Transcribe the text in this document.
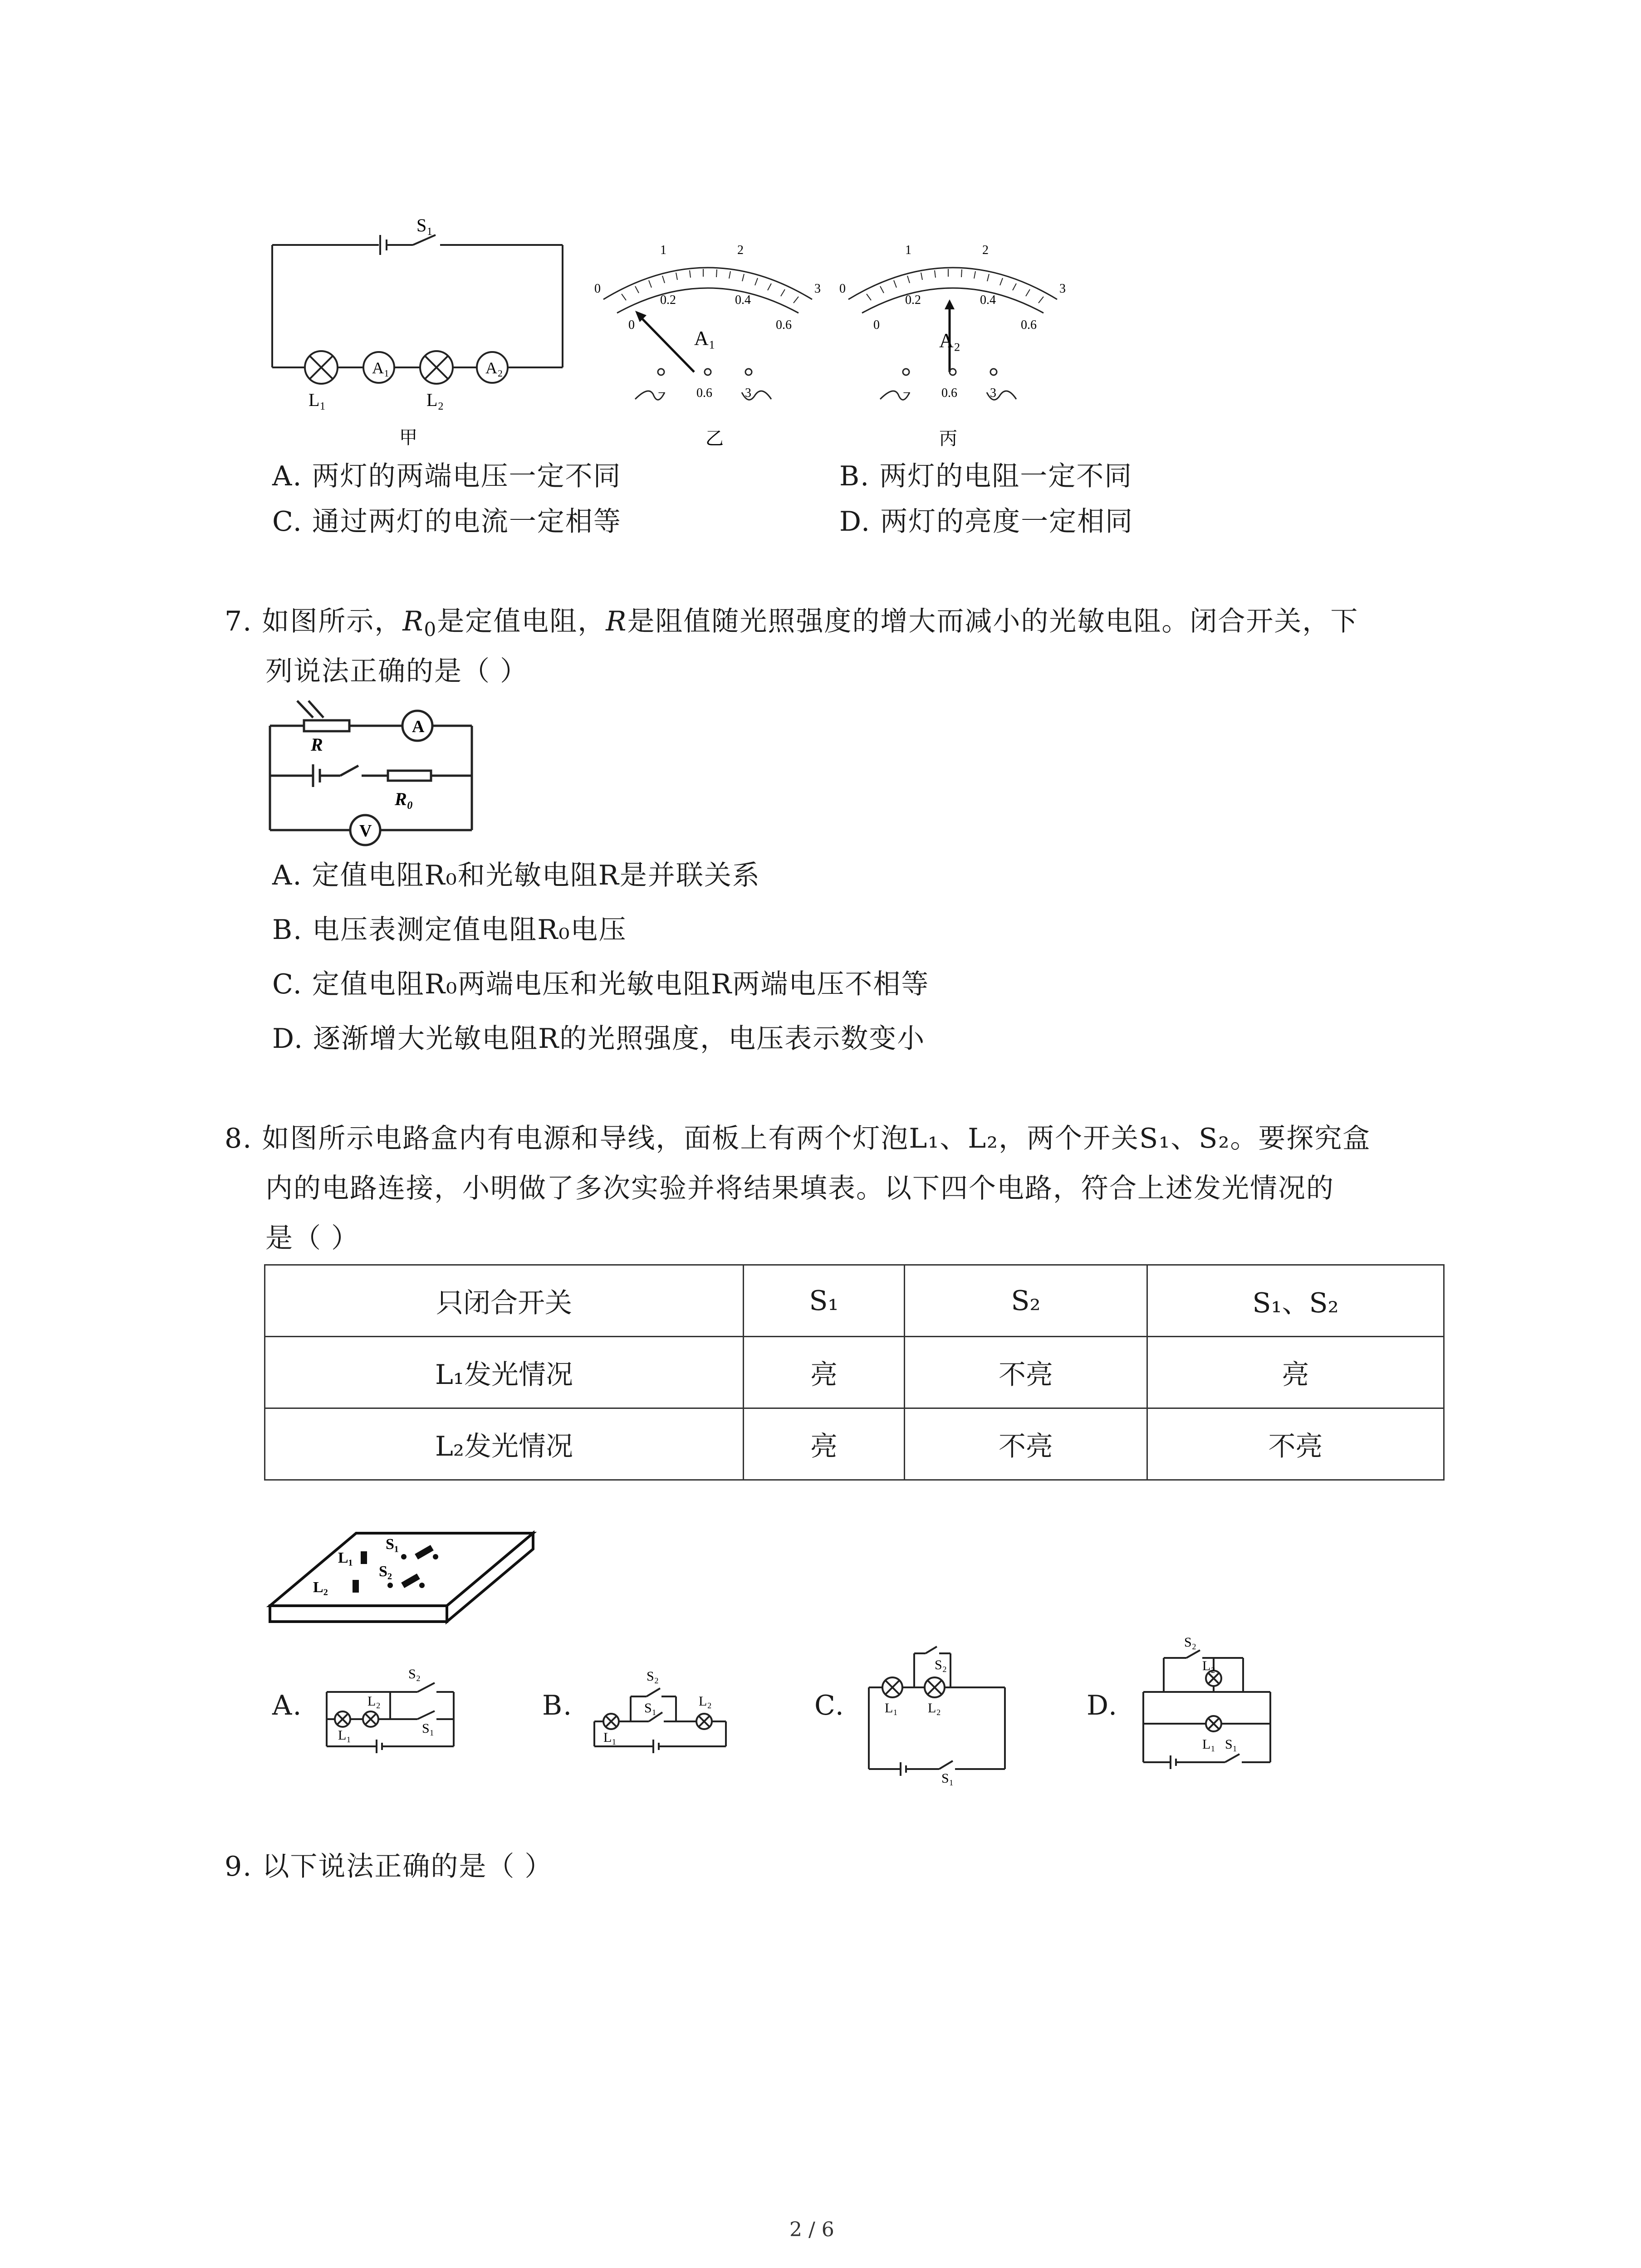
S₁
A₁	A₂
L₁	L₂
甲
0
1	2
3
0
0.2	0.4
0.6
A₁
− 0.6	3
乙
0
1	2
3
0
0.2	0.4
0.6
A₂
− 0.6	3
丙
A. 两灯的两端电压一定不同	B. 两灯的电阻一定不同
C. 通过两灯的电流一定相等	D. 两灯的亮度一定相同
7. 如图所示，$R_0$是定值电阻，R是阻值随光照强度的增大而减小的光敏电阻。闭合开关，下
列说法正确的是（ ）
A
V
R
R₀
A. 定值电阻R₀和光敏电阻R是并联关系
B. 电压表测定值电阻R₀电压
C. 定值电阻R₀两端电压和光敏电阻R两端电压不相等
D. 逐渐增大光敏电阻R的光照强度，电压表示数变小
8. 如图所示电路盒内有电源和导线，面板上有两个灯泡L₁、L₂，两个开关S₁、S₂。要探究盒
内的电路连接，小明做了多次实验并将结果填表。以下四个电路，符合上述发光情况的
是（ ）
只闭合开关	S₁	S₂	S₁、S₂
L₁发光情况	亮	不亮	亮
L₂发光情况	亮	不亮	不亮
L₁
L₂
S₁
S₂
A.	B.	C.	D.
S₂
L₂
S₁
L₁
S₂
S₁	L₂
L₁
S₂
L₁ L₂
S₁
S₂
L₂
L₁ S₁
9. 以下说法正确的是（ ）
2 / 6
